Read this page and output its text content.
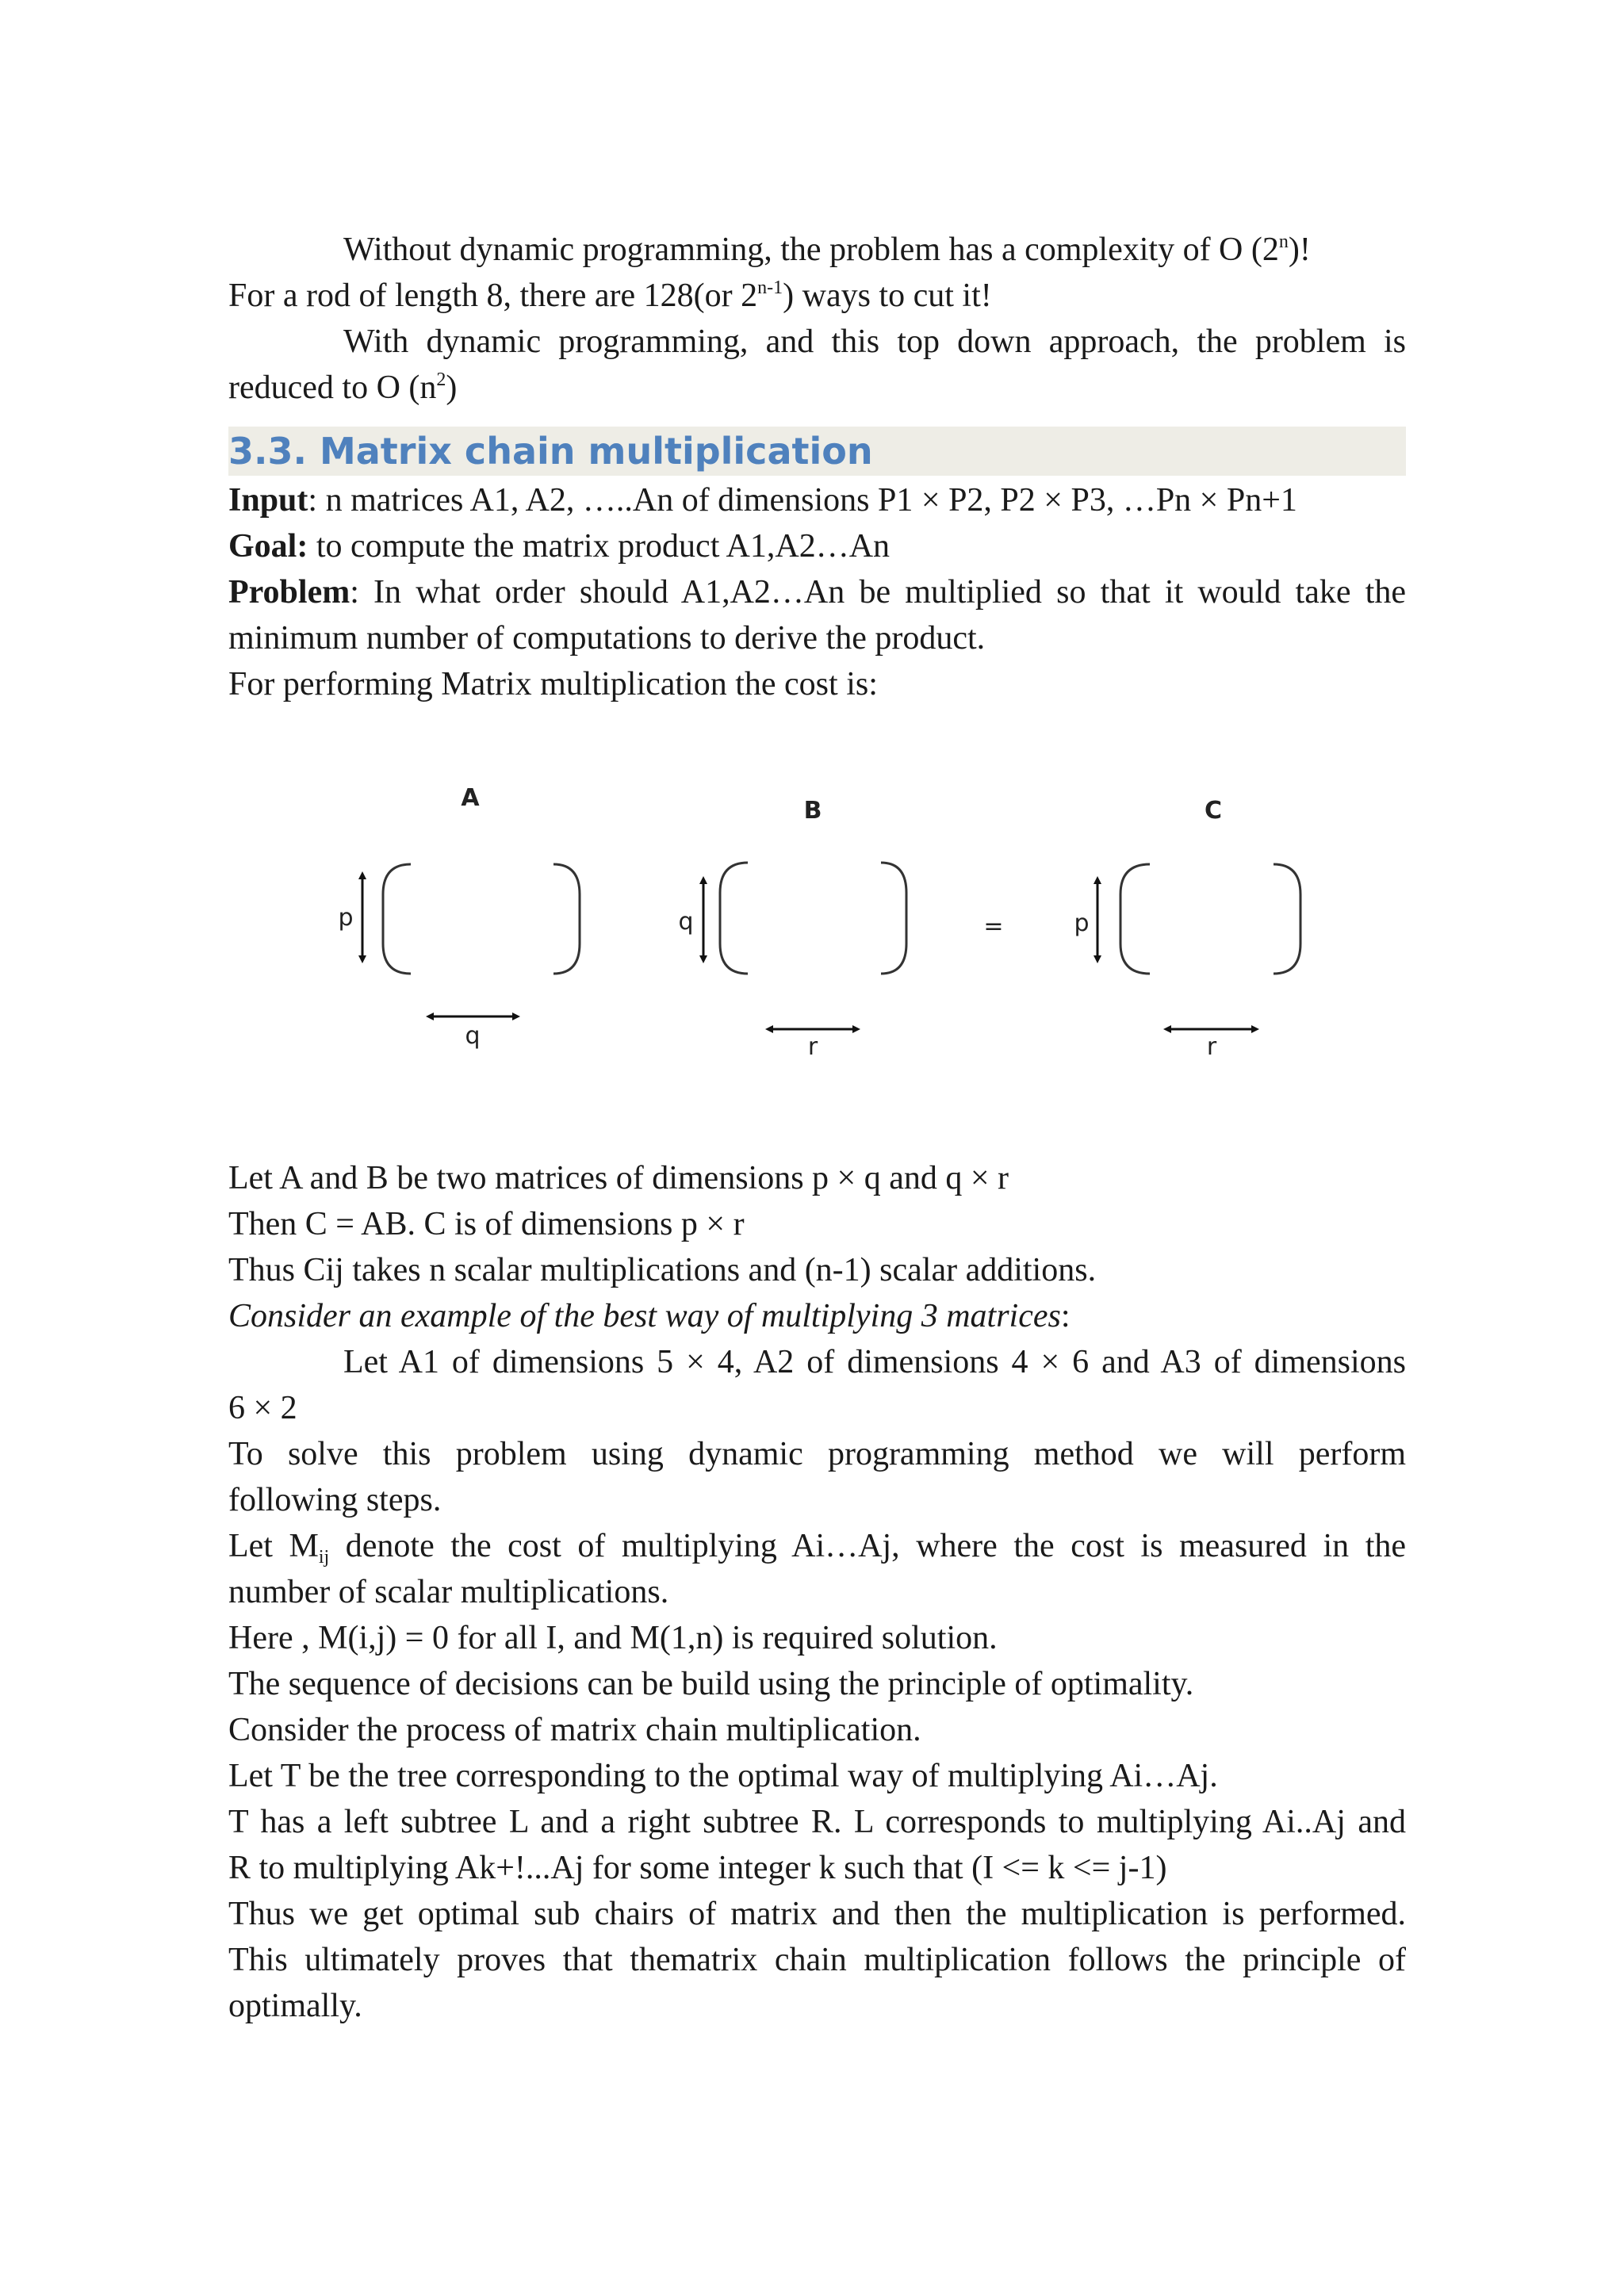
Without dynamic programming, the problem has a complexity of O (2$^n$)!

For a rod of length 8, there are 128(or 2$^{n-1}$) ways to cut it!

With dynamic programming, and this top down approach, the problem is

reduced to O $(n^2)$

3.3. Matrix chain multiplication

Input: n matrices A1, A2, …..An of dimensions P1 × P2, P2 × P3, …Pn × Pn+1

Goal: to compute the matrix product A1,A2…An

Problem: In what order should A1,A2…An be multiplied so that it would take the

minimum number of computations to derive the product.

For performing Matrix multiplication the cost is:

A
p
q
B
q
r
=
C
p
r

Let A and B be two matrices of dimensions p × q and q × r

Then C = AB. C is of dimensions p × r

Thus Cij takes n scalar multiplications and (n-1) scalar additions.

Consider an example of the best way of multiplying 3 matrices:

Let A1 of dimensions 5 × 4, A2 of dimensions 4 × 6 and A3 of dimensions

6 × 2

To solve this problem using dynamic programming method we will perform

following steps.

Let $M_{ij}$ denote the cost of multiplying Ai…Aj, where the cost is measured in the

number of scalar multiplications.

Here , M(i,j) = 0 for all I, and M(1,n) is required solution.

The sequence of decisions can be build using the principle of optimality.

Consider the process of matrix chain multiplication.

Let T be the tree corresponding to the optimal way of multiplying Ai…Aj.

T has a left subtree L and a right subtree R. L corresponds to multiplying Ai..Aj and

R to multiplying Ak+!...Aj for some integer k such that (I <= k <= j-1)

Thus we get optimal sub chairs of matrix and then the multiplication is performed.

This ultimately proves that thematrix chain multiplication follows the principle of

optimally.
